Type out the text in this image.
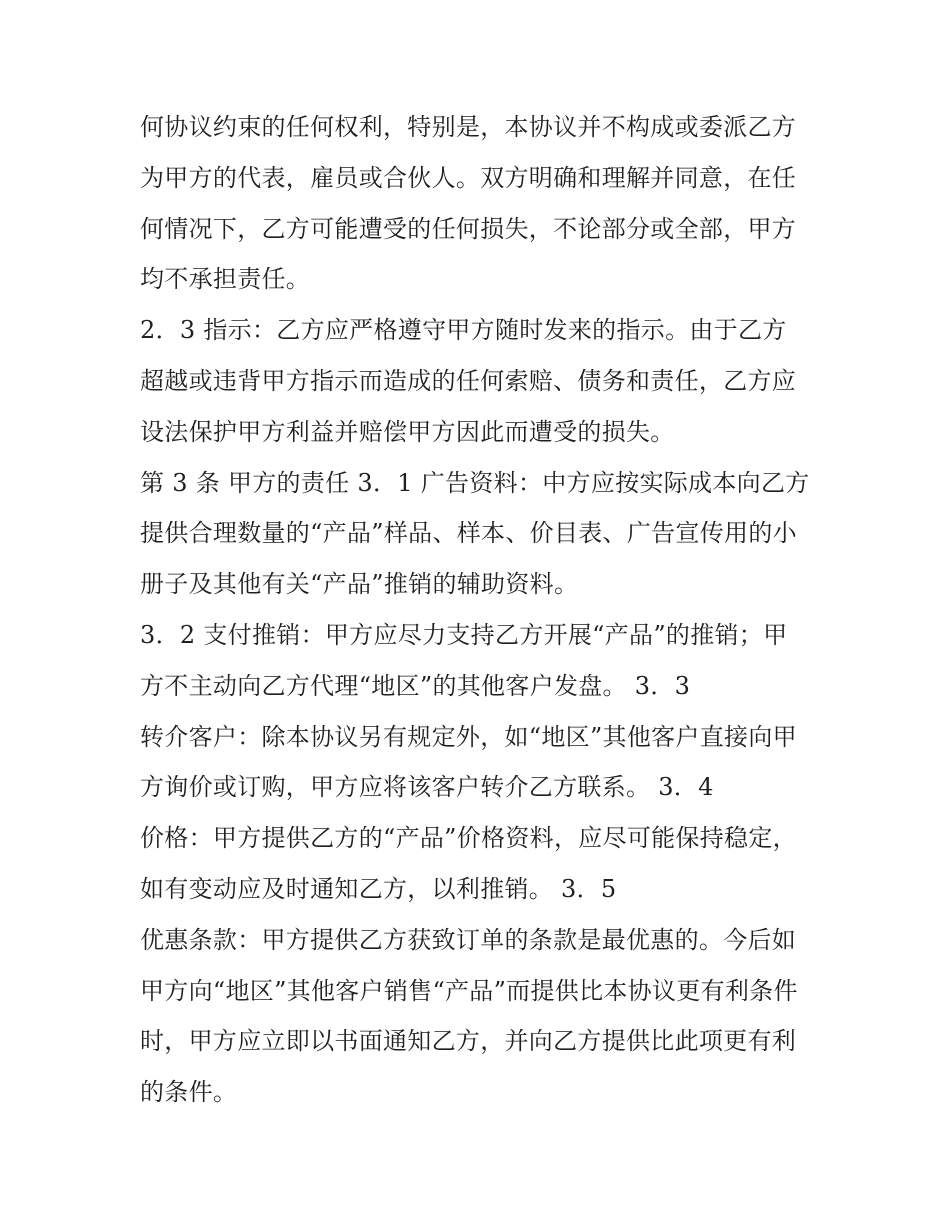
何协议约束的任何权利，特别是，本协议并不构成或委派乙方
为甲方的代表，雇员或合伙人。双方明确和理解并同意，在任
何情况下，乙方可能遭受的任何损失，不论部分或全部，甲方
均不承担责任。
2．3 指示：乙方应严格遵守甲方随时发来的指示。由于乙方
超越或违背甲方指示而造成的任何索赔、债务和责任，乙方应
设法保护甲方利益并赔偿甲方因此而遭受的损失。
第 3 条 甲方的责任 3．1 广告资料：中方应按实际成本向乙方
提供合理数量的“产品”样品、样本、价目表、广告宣传用的小
册子及其他有关“产品”推销的辅助资料。
3．2 支付推销：甲方应尽力支持乙方开展“产品”的推销；甲
方不主动向乙方代理“地区”的其他客户发盘。 3．3
转介客户：除本协议另有规定外，如“地区”其他客户直接向甲
方询价或订购，甲方应将该客户转介乙方联系。 3．4
价格：甲方提供乙方的“产品”价格资料，应尽可能保持稳定，
如有变动应及时通知乙方，以利推销。 3．5
优惠条款：甲方提供乙方获致订单的条款是最优惠的。今后如
甲方向“地区”其他客户销售“产品”而提供比本协议更有利条件
时，甲方应立即以书面通知乙方，并向乙方提供比此项更有利
的条件。
